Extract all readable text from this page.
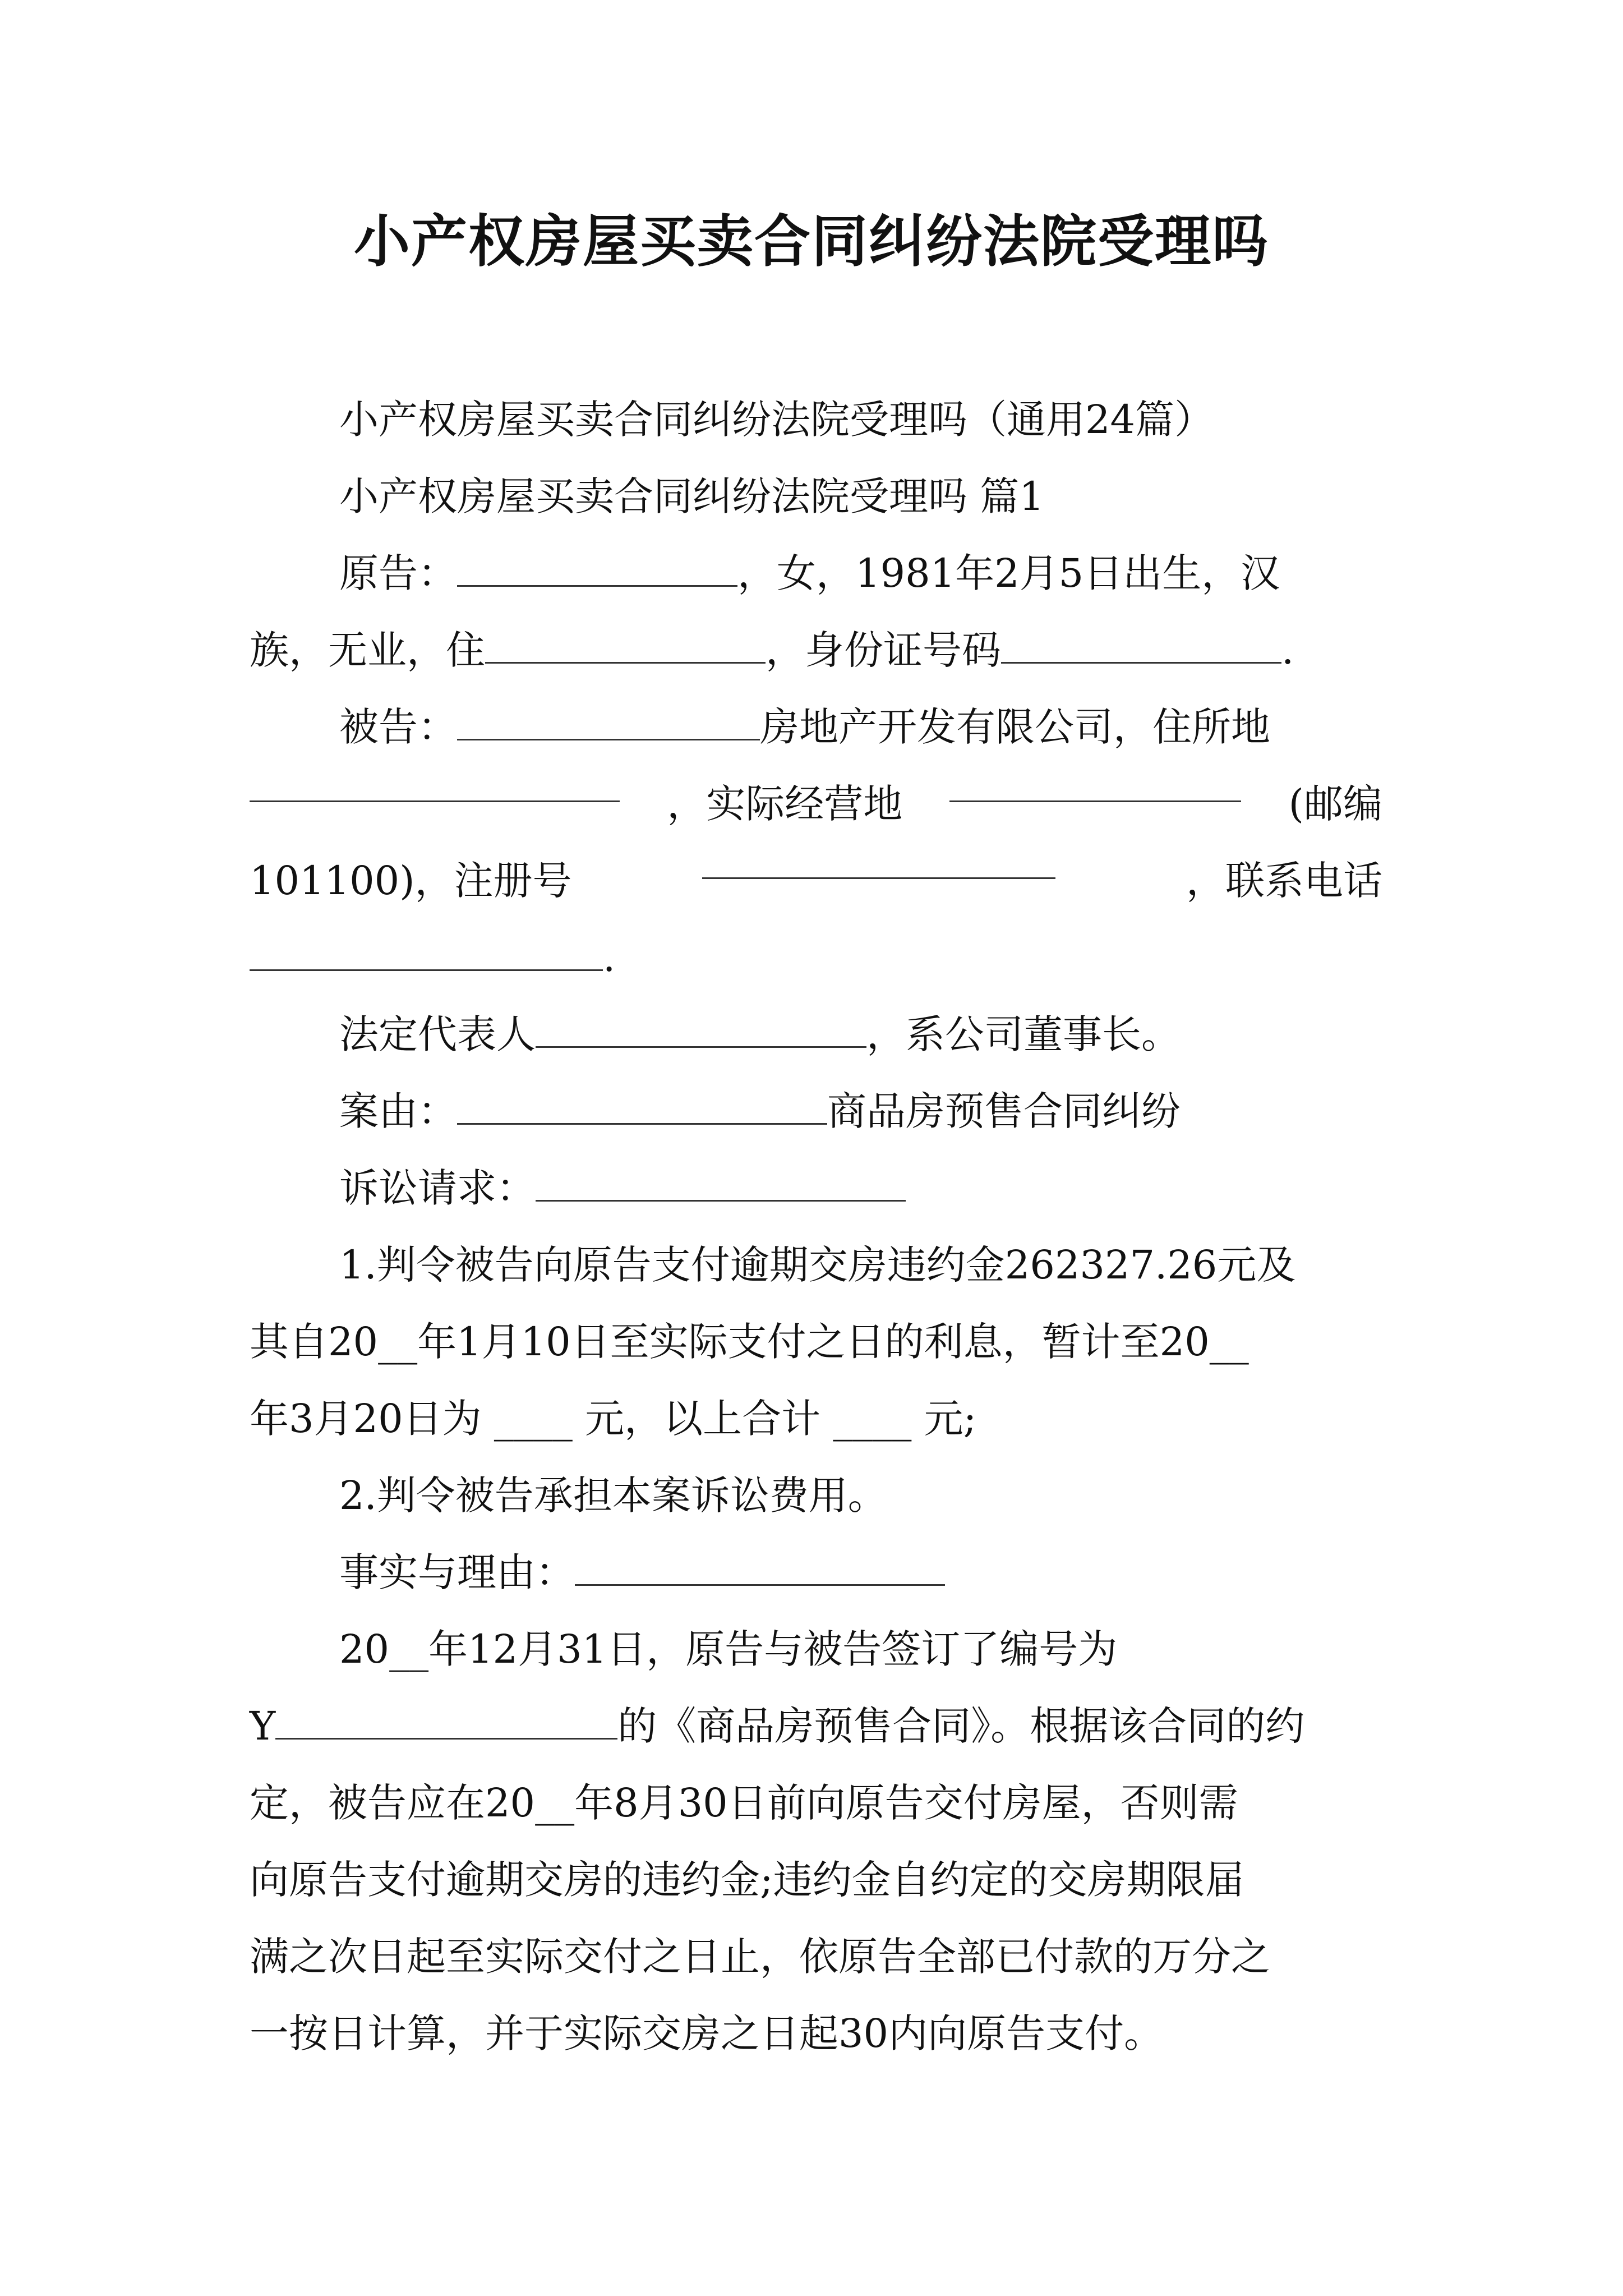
小产权房屋买卖合同纠纷法院受理吗
小产权房屋买卖合同纠纷法院受理吗（通用24篇）
小产权房屋买卖合同纠纷法院受理吗 篇1
原告：	，女，1981年2月5日出生，汉
族，无业，住	，身份证号码	.
被告：	房地产开发有限公司，住所地
，实际经营地	(邮编
101100)，注册号	，联系电话
.
法定代表人	，系公司董事长。
案由：	商品房预售合同纠纷
诉讼请求：
1.判令被告向原告支付逾期交房违约金262327.26元及
其自20__年1月10日至实际支付之日的利息，暂计至20__
年3月20日为 ____ 元，以上合计 ____ 元;
2.判令被告承担本案诉讼费用。
事实与理由：
20__年12月31日，原告与被告签订了编号为
Y	的《商品房预售合同》。根据该合同的约
定，被告应在20__年8月30日前向原告交付房屋，否则需
向原告支付逾期交房的违约金;违约金自约定的交房期限届
满之次日起至实际交付之日止，依原告全部已付款的万分之
一按日计算，并于实际交房之日起30内向原告支付。
